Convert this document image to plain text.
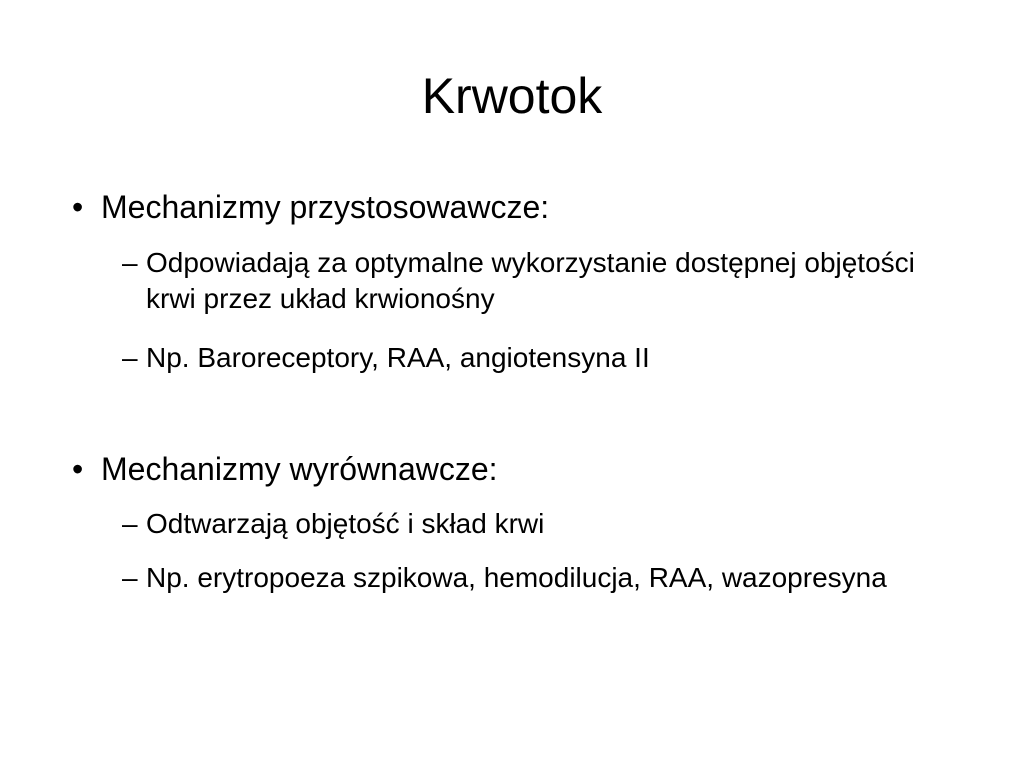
Krwotok
• Mechanizmy przystosowawcze:
– Odpowiadają za optymalne wykorzystanie dostępnej objętości krwi przez układ krwionośny
– Np. Baroreceptory, RAA, angiotensyna II
• Mechanizmy wyrównawcze:
– Odtwarzają objętość i skład krwi
– Np. erytropoeza szpikowa, hemodilucja, RAA, wazopresyna
